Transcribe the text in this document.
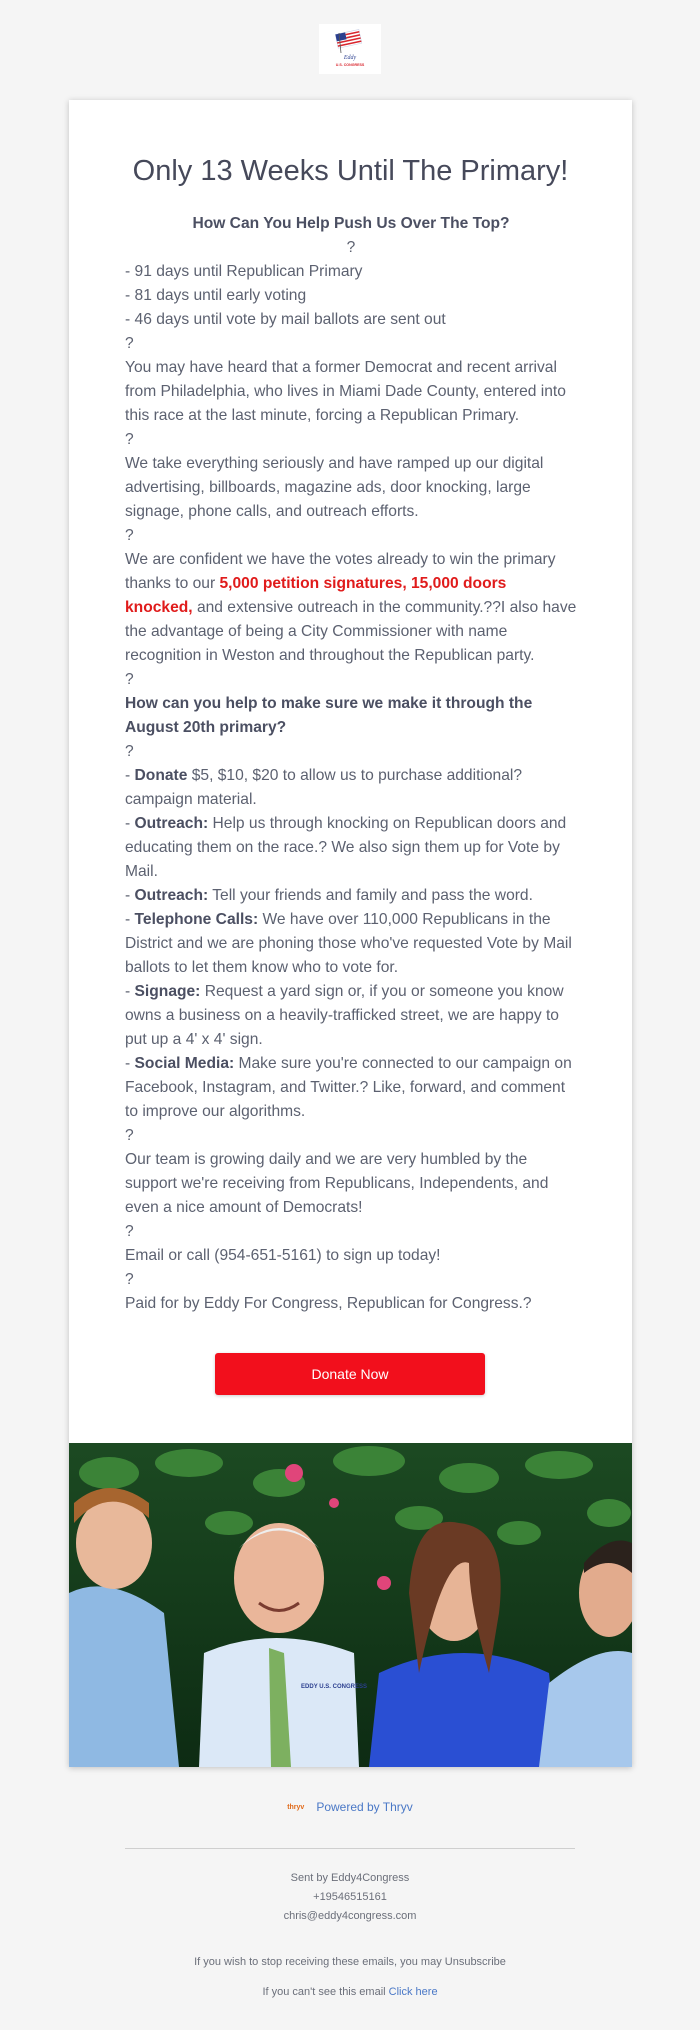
Eddy
U.S. CONGRESS
Only 13 Weeks Until The Primary!

How Can You Help Push Us Over The Top?

?

- 91 days until Republican Primary

- 81 days until early voting

- 46 days until vote by mail ballots are sent out

?

You may have heard that a former Democrat and recent arrival from Philadelphia, who lives in Miami Dade County, entered into this race at the last minute, forcing a Republican Primary.

?

We take everything seriously and have ramped up our digital advertising, billboards, magazine ads, door knocking, large signage, phone calls, and outreach efforts.

?

We are confident we have the votes already to win the primary thanks to our 5,000 petition signatures, 15,000 doors knocked, and extensive outreach in the community.??I also have the advantage of being a City Commissioner with name recognition in Weston and throughout the Republican party.

?

How can you help to make sure we make it through the August 20th primary?

?

- Donate $5, $10, $20 to allow us to purchase additional?campaign material.

- Outreach: Help us through knocking on Republican doors and educating them on the race.? We also sign them up for Vote by Mail.

- Outreach: Tell your friends and family and pass the word.

- Telephone Calls: We have over 110,000 Republicans in the District and we are phoning those who've requested Vote by Mail ballots to let them know who to vote for.

- Signage: Request a yard sign or, if you or someone you know owns a business on a heavily-trafficked street, we are happy to put up a 4' x 4' sign.

- Social Media: Make sure you're connected to our campaign on Facebook, Instagram, and Twitter.? Like, forward, and comment to improve our algorithms.

?

Our team is growing daily and we are very humbled by the support we're receiving from Republicans, Independents, and even a nice amount of Democrats!

?

Email or call (954-651-5161) to sign up today!

?

Paid for by Eddy For Congress, Republican for Congress.?

Donate Now
EDDY U.S. CONGRESS
thryv Powered by Thryv
Sent by Eddy4Congress
+19546515161
chris@eddy4congress.com
If you wish to stop receiving these emails, you may Unsubscribe
If you can't see this email Click here
